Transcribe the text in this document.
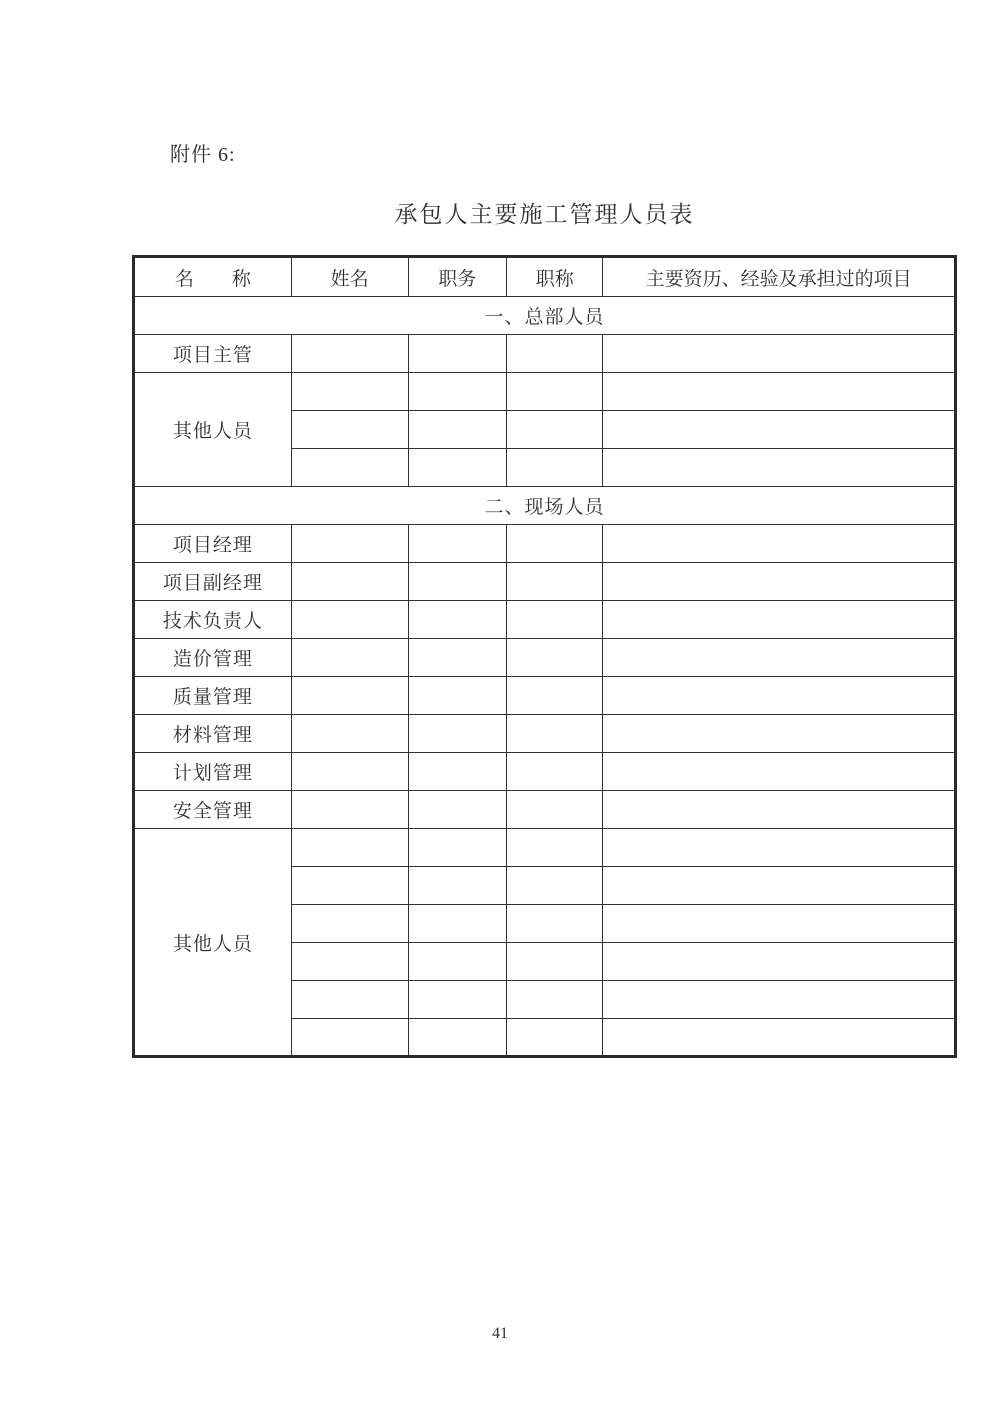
附件 6:
承包人主要施工管理人员表
名　　称	姓名	职务	职称	主要资历、经验及承担过的项目
一、总部人员				
项目主管				
其他人员				

二、现场人员				
项目经理				
项目副经理				
技术负责人				
造价管理				
质量管理				
材料管理				
计划管理				
安全管理				
其他人员				

41
